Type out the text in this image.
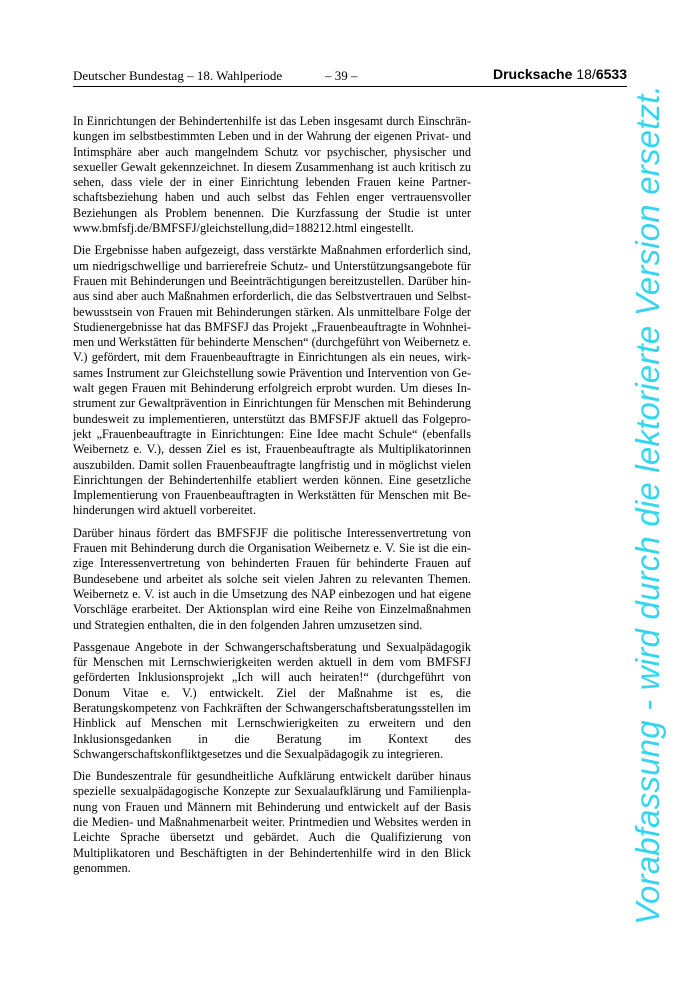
Deutscher Bundestag – 18. Wahlperiode	– 39 –	Drucksache 18/6533

In Einrichtungen der Behindertenhilfe ist das Leben insgesamt durch Einschränkungen im selbstbestimmten Leben und in der Wahrung der eigenen Privat- und Intimsphäre aber auch mangelndem Schutz vor psychischer, physischer und sexueller Gewalt gekennzeichnet. In diesem Zusammenhang ist auch kritisch zu sehen, dass viele der in einer Einrichtung lebenden Frauen keine Partnerschaftsbeziehung haben und auch selbst das Fehlen enger vertrauensvoller Beziehungen als Problem benennen. Die Kurzfassung der Studie ist unter www.bmfsfj.de/BMFSFJ/gleichstellung,did=188212.html eingestellt.

Die Ergebnisse haben aufgezeigt, dass verstärkte Maßnahmen erforderlich sind, um niedrigschwellige und barrierefreie Schutz- und Unterstützungsangebote für Frauen mit Behinderungen und Beeinträchtigungen bereitzustellen. Darüber hinaus sind aber auch Maßnahmen erforderlich, die das Selbstvertrauen und Selbstbewusstsein von Frauen mit Behinderungen stärken. Als unmittelbare Folge der Studienergebnisse hat das BMFSFJ das Projekt „Frauenbeauftragte in Wohnheimen und Werkstätten für behinderte Menschen“ (durchgeführt von Weibernetz e. V.) gefördert, mit dem Frauenbeauftragte in Einrichtungen als ein neues, wirksames Instrument zur Gleichstellung sowie Prävention und Intervention von Gewalt gegen Frauen mit Behinderung erfolgreich erprobt wurden. Um dieses Instrument zur Gewaltprävention in Einrichtungen für Menschen mit Behinderung bundesweit zu implementieren, unterstützt das BMFSFJF aktuell das Folgeprojekt „Frauenbeauftragte in Einrichtungen: Eine Idee macht Schule“ (ebenfalls Weibernetz e. V.), dessen Ziel es ist, Frauenbeauftragte als Multiplikatorinnen auszubilden. Damit sollen Frauenbeauftragte langfristig und in möglichst vielen Einrichtungen der Behindertenhilfe etabliert werden können. Eine gesetzliche Implementierung von Frauenbeauftragten in Werkstätten für Menschen mit Behinderungen wird aktuell vorbereitet.

Darüber hinaus fördert das BMFSFJF die politische Interessenvertretung von Frauen mit Behinderung durch die Organisation Weibernetz e. V. Sie ist die einzige Interessenvertretung von behinderten Frauen für behinderte Frauen auf Bundesebene und arbeitet als solche seit vielen Jahren zu relevanten Themen. Weibernetz e. V. ist auch in die Umsetzung des NAP einbezogen und hat eigene Vorschläge erarbeitet. Der Aktionsplan wird eine Reihe von Einzelmaßnahmen und Strategien enthalten, die in den folgenden Jahren umzusetzen sind.

Passgenaue Angebote in der Schwangerschaftsberatung und Sexualpädagogik für Menschen mit Lernschwierigkeiten werden aktuell in dem vom BMFSFJ geförderten Inklusionsprojekt „Ich will auch heiraten!“ (durchgeführt von Donum Vitae e. V.) entwickelt. Ziel der Maßnahme ist es, die Beratungskompetenz von Fachkräften der Schwangerschaftsberatungsstellen im Hinblick auf Menschen mit Lernschwierigkeiten zu erweitern und den Inklusionsgedanken in die Beratung im Kontext des Schwangerschaftskonfliktgesetzes und die Sexualpädagogik zu integrieren.

Die Bundeszentrale für gesundheitliche Aufklärung entwickelt darüber hinaus spezielle sexualpädagogische Konzepte zur Sexualaufklärung und Familienplanung von Frauen und Männern mit Behinderung und entwickelt auf der Basis die Medien- und Maßnahmenarbeit weiter. Printmedien und Websites werden in Leichte Sprache übersetzt und gebärdet. Auch die Qualifizierung von Multiplikatoren und Beschäftigten in der Behindertenhilfe wird in den Blick genommen.	Vorabfassung - wird durch die lektorierte Version ersetzt.
